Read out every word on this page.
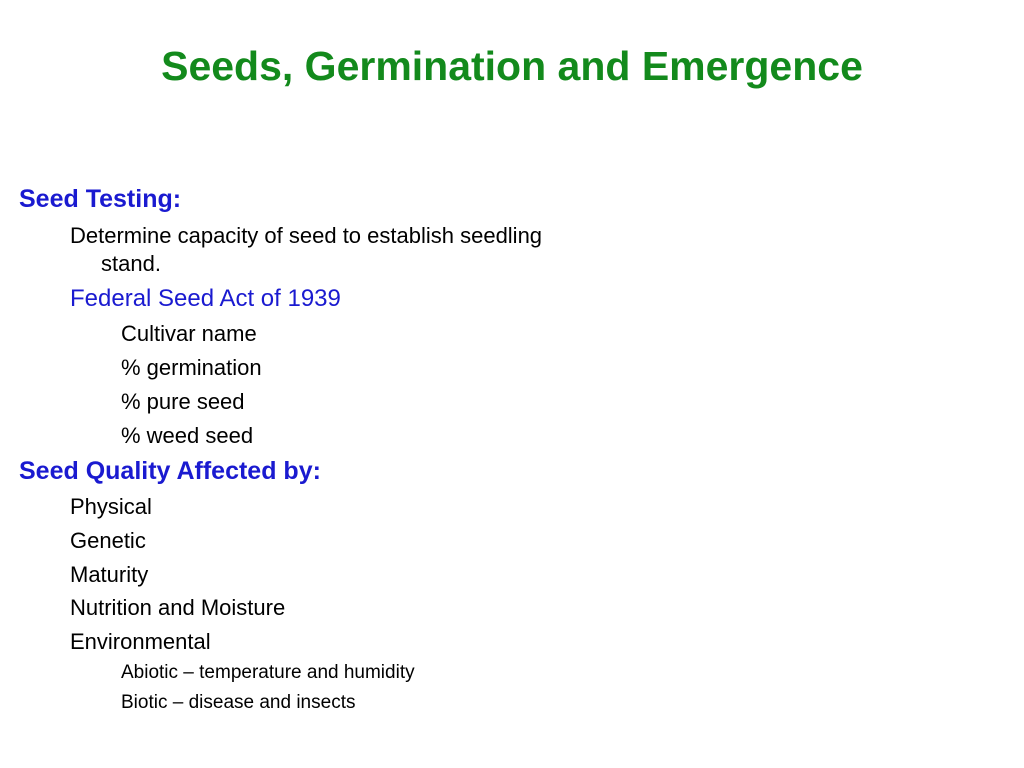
Seeds, Germination and Emergence
Seed Testing:
Determine capacity of seed to establish seedling stand.
Federal Seed Act of 1939
Cultivar name
% germination
% pure seed
% weed seed
Seed Quality Affected by:
Physical
Genetic
Maturity
Nutrition and Moisture
Environmental
Abiotic – temperature and humidity
Biotic – disease and insects
